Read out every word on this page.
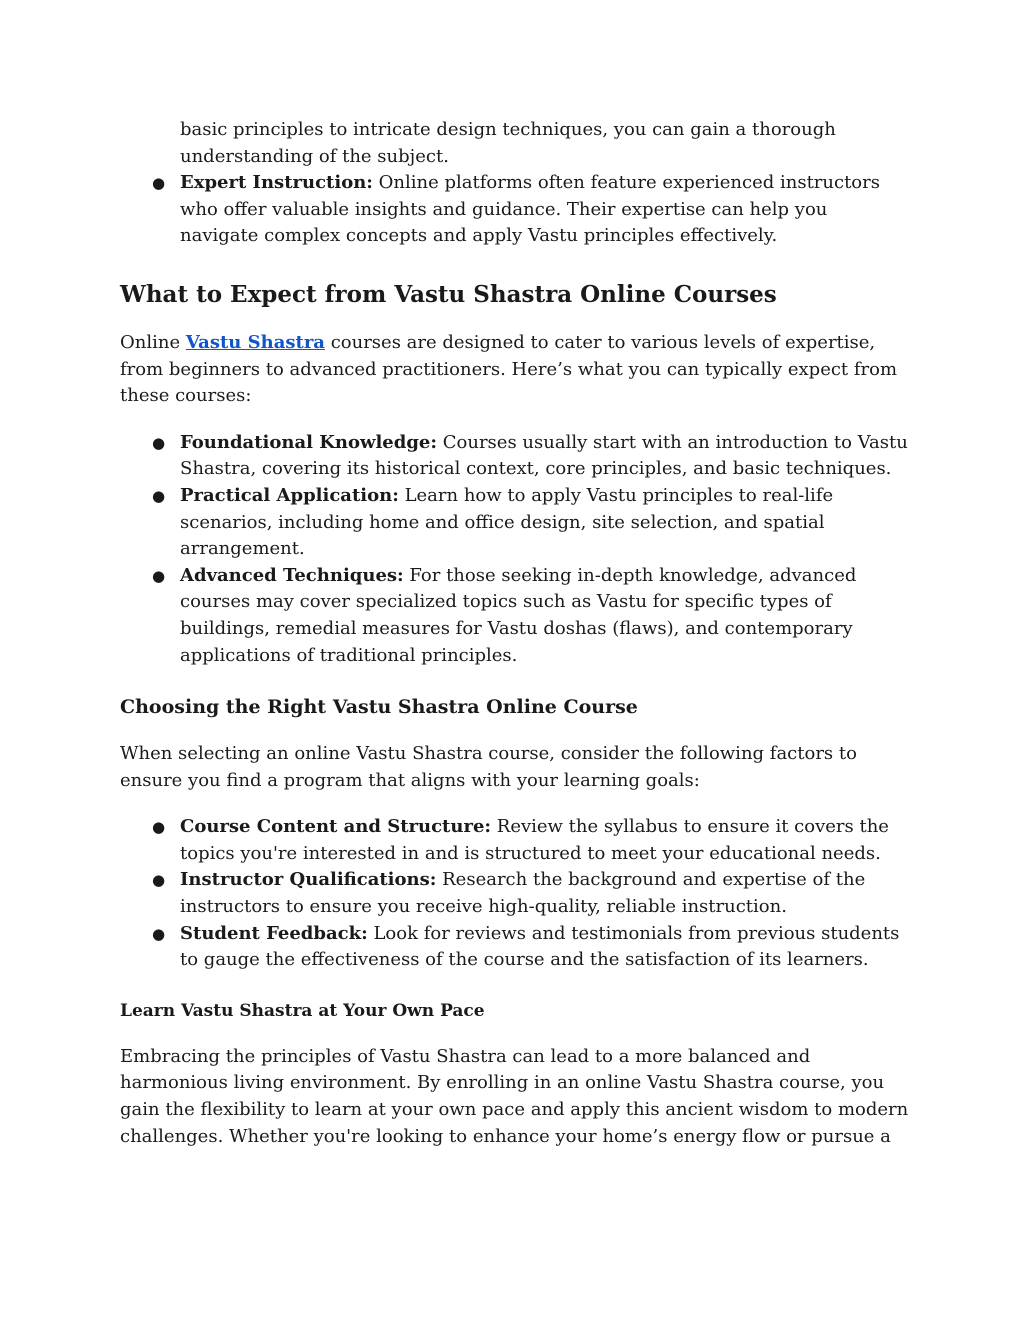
basic principles to intricate design techniques, you can gain a thorough understanding of the subject.
● Expert Instruction: Online platforms often feature experienced instructors who offer valuable insights and guidance. Their expertise can help you navigate complex concepts and apply Vastu principles effectively.
What to Expect from Vastu Shastra Online Courses

Online Vastu Shastra courses are designed to cater to various levels of expertise, from beginners to advanced practitioners. Here’s what you can typically expect from these courses:

● Foundational Knowledge: Courses usually start with an introduction to Vastu Shastra, covering its historical context, core principles, and basic techniques.
● Practical Application: Learn how to apply Vastu principles to real-life scenarios, including home and office design, site selection, and spatial arrangement.
● Advanced Techniques: For those seeking in-depth knowledge, advanced courses may cover specialized topics such as Vastu for specific types of buildings, remedial measures for Vastu doshas (flaws), and contemporary applications of traditional principles.
Choosing the Right Vastu Shastra Online Course

When selecting an online Vastu Shastra course, consider the following factors to ensure you find a program that aligns with your learning goals:

● Course Content and Structure: Review the syllabus to ensure it covers the topics you're interested in and is structured to meet your educational needs.
● Instructor Qualifications: Research the background and expertise of the instructors to ensure you receive high-quality, reliable instruction.
● Student Feedback: Look for reviews and testimonials from previous students to gauge the effectiveness of the course and the satisfaction of its learners.
Learn Vastu Shastra at Your Own Pace

Embracing the principles of Vastu Shastra can lead to a more balanced and harmonious living environment. By enrolling in an online Vastu Shastra course, you gain the flexibility to learn at your own pace and apply this ancient wisdom to modern challenges. Whether you're looking to enhance your home’s energy flow or pursue a
